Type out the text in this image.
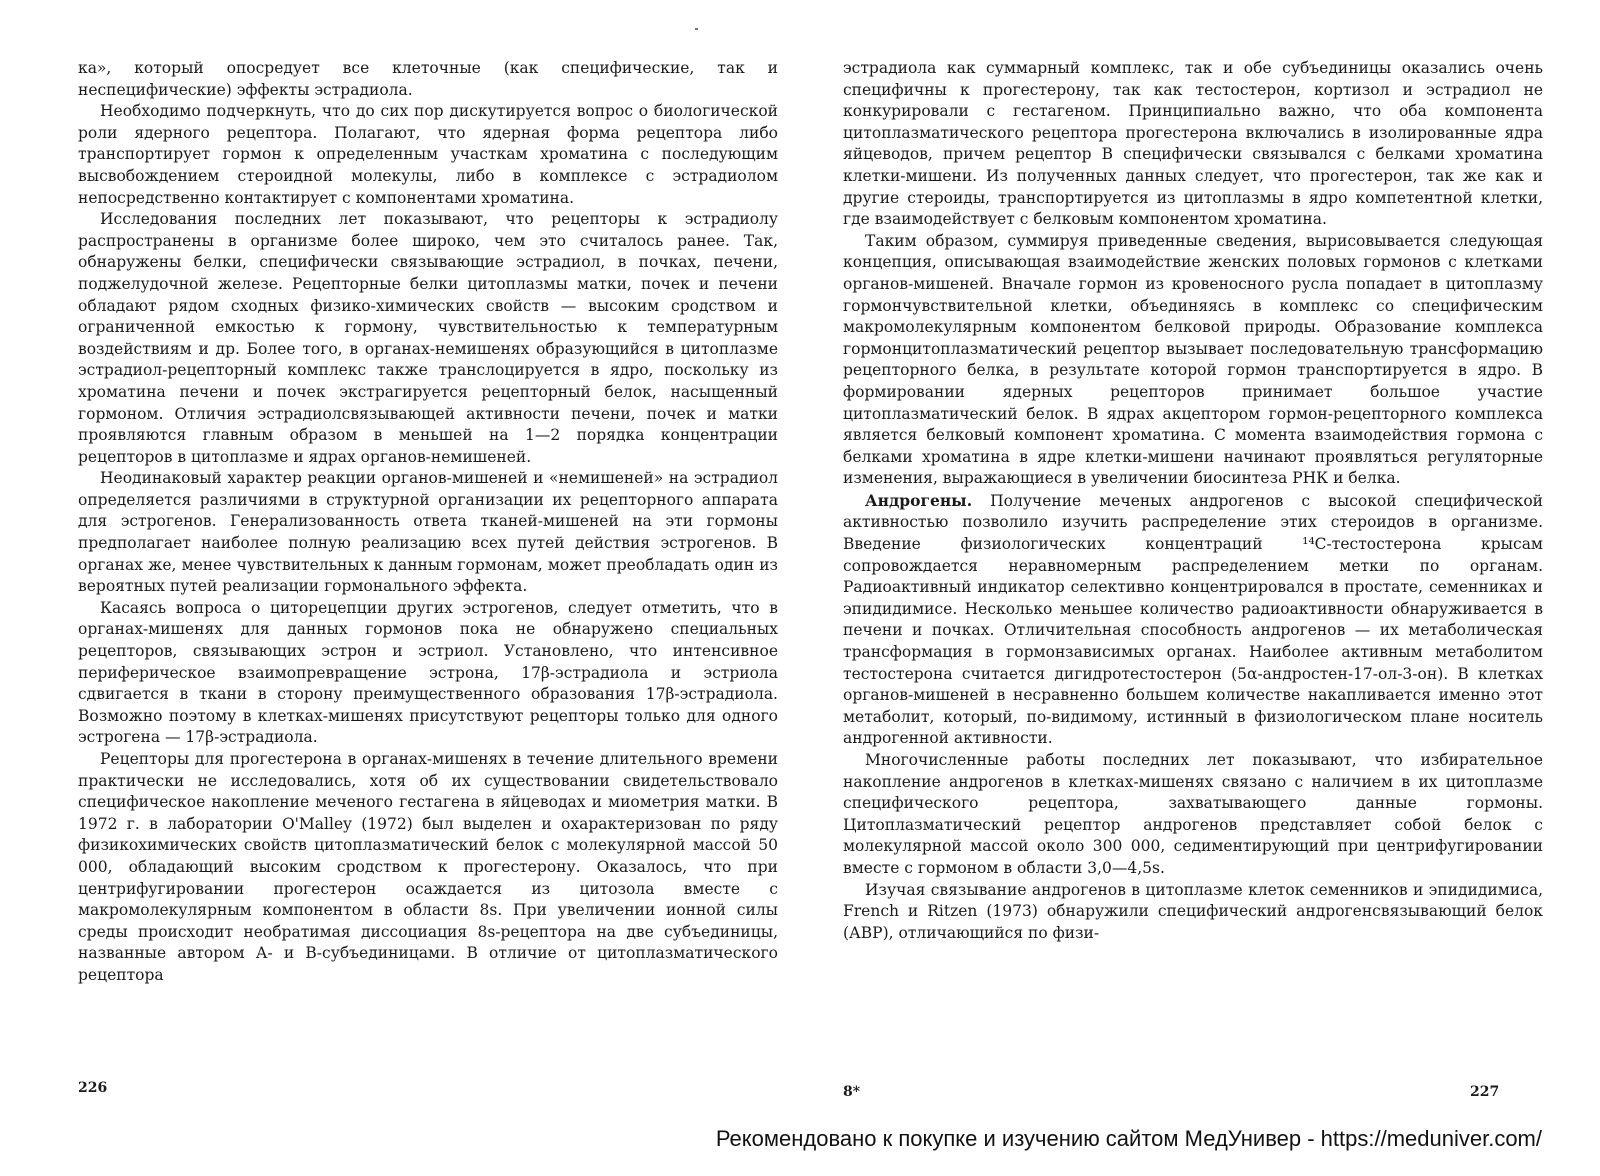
ка», который опосредует все клеточные (как специфические, так и неспецифические) эффекты эстрадиола.

Необходимо подчеркнуть, что до сих пор дискутируется вопрос о биологической роли ядерного рецептора. Полагают, что ядерная форма рецептора либо транспортирует гормон к определенным участкам хроматина с последующим высвобождением стероидной молекулы, либо в комплексе с эстрадиолом непосредственно контактирует с компонентами хроматина.

Исследования последних лет показывают, что рецепторы к эстрадиолу распространены в организме более широко, чем это считалось ранее. Так, обнаружены белки, специфически связывающие эстрадиол, в почках, печени, поджелудочной железе. Рецепторные белки цитоплазмы матки, почек и печени обладают рядом сходных физико-химических свойств — высоким сродством и ограниченной емкостью к гормону, чувствительностью к температурным воздействиям и др. Более того, в органах-немишенях образующийся в цитоплазме эстрадиол-рецепторный комплекс также транслоцируется в ядро, поскольку из хроматина печени и почек экстрагируется рецепторный белок, насыщенный гормоном. Отличия эстрадиолсвязывающей активности печени, почек и матки проявляются главным образом в меньшей на 1—2 порядка концентрации рецепторов в цитоплазме и ядрах органов-немишеней.

Неодинаковый характер реакции органов-мишеней и «немишеней» на эстрадиол определяется различиями в структурной организации их рецепторного аппарата для эстрогенов. Генерализованность ответа тканей-мишеней на эти гормоны предполагает наиболее полную реализацию всех путей действия эстрогенов. В органах же, менее чувствительных к данным гормонам, может преобладать один из вероятных путей реализации гормонального эффекта.

Касаясь вопроса о циторецепции других эстрогенов, следует отметить, что в органах-мишенях для данных гормонов пока не обнаружено специальных рецепторов, связывающих эстрон и эстриол. Установлено, что интенсивное периферическое взаимопревращение эстрона, 17β-эстрадиола и эстриола сдвигается в ткани в сторону преимущественного образования 17β-эстрадиола. Возможно поэтому в клетках-мишенях присутствуют рецепторы только для одного эстрогена — 17β-эстрадиола.

Рецепторы для прогестерона в органах-мишенях в течение длительного времени практически не исследовались, хотя об их существовании свидетельствовало специфическое накопление меченого гестагена в яйцеводах и миометрия матки. В 1972 г. в лаборатории O'Malley (1972) был выделен и охарактеризован по ряду физикохимических свойств цитоплазматический белок с молекулярной массой 50 000, обладающий высоким сродством к прогестерону. Оказалось, что при центрифугировании прогестерон осаждается из цитозола вместе с макромолекулярным компонентом в области 8s. При увеличении ионной силы среды происходит необратимая диссоциация 8s-рецептора на две субъединицы, названные автором А- и В-субъединицами. В отличие от цитоплазматического рецептора

226

эстрадиола как суммарный комплекс, так и обе субъединицы оказались очень специфичны к прогестерону, так как тестостерон, кортизол и эстрадиол не конкурировали с гестагеном. Принципиально важно, что оба компонента цитоплазматического рецептора прогестерона включались в изолированные ядра яйцеводов, причем рецептор В специфически связывался с белками хроматина клетки-мишени. Из полученных данных следует, что прогестерон, так же как и другие стероиды, транспортируется из цитоплазмы в ядро компетентной клетки, где взаимодействует с белковым компонентом хроматина.

Таким образом, суммируя приведенные сведения, вырисовывается следующая концепция, описывающая взаимодействие женских половых гормонов с клетками органов-мишеней. Вначале гормон из кровеносного русла попадает в цитоплазму гормончувствительной клетки, объединяясь в комплекс со специфическим макромолекулярным компонентом белковой природы. Образование комплекса гормонцитоплазматический рецептор вызывает последовательную трансформацию рецепторного белка, в результате которой гормон транспортируется в ядро. В формировании ядерных рецепторов принимает большое участие цитоплазматический белок. В ядрах акцептором гормон-рецепторного комплекса является белковый компонент хроматина. С момента взаимодействия гормона с белками хроматина в ядре клетки-мишени начинают проявляться регуляторные изменения, выражающиеся в увеличении биосинтеза РНК и белка.

Андрогены. Получение меченых андрогенов с высокой специфической активностью позволило изучить распределение этих стероидов в организме. Введение физиологических концентраций ¹⁴С-тестостерона крысам сопровождается неравномерным распределением метки по органам. Радиоактивный индикатор селективно концентрировался в простате, семенниках и эпидидимисе. Несколько меньшее количество радиоактивности обнаруживается в печени и почках. Отличительная способность андрогенов — их метаболическая трансформация в гормонзависимых органах. Наиболее активным метаболитом тестостерона считается дигидротестостерон (5α-андростен-17-ол-3-он). В клетках органов-мишеней в несравненно большем количестве накапливается именно этот метаболит, который, по-видимому, истинный в физиологическом плане носитель андрогенной активности.

Многочисленные работы последних лет показывают, что избирательное накопление андрогенов в клетках-мишенях связано с наличием в их цитоплазме специфического рецептора, захватывающего данные гормоны. Цитоплазматический рецептор андрогенов представляет собой белок с молекулярной массой около 300 000, седиментирующий при центрифугировании вместе с гормоном в области 3,0—4,5s.

Изучая связывание андрогенов в цитоплазме клеток семенников и эпидидимиса, French и Ritzen (1973) обнаружили специфический андрогенсвязывающий белок (АВР), отличающийся по физи-

8*	227
Рекомендовано к покупке и изучению сайтом МедУнивер - https://meduniver.com/
